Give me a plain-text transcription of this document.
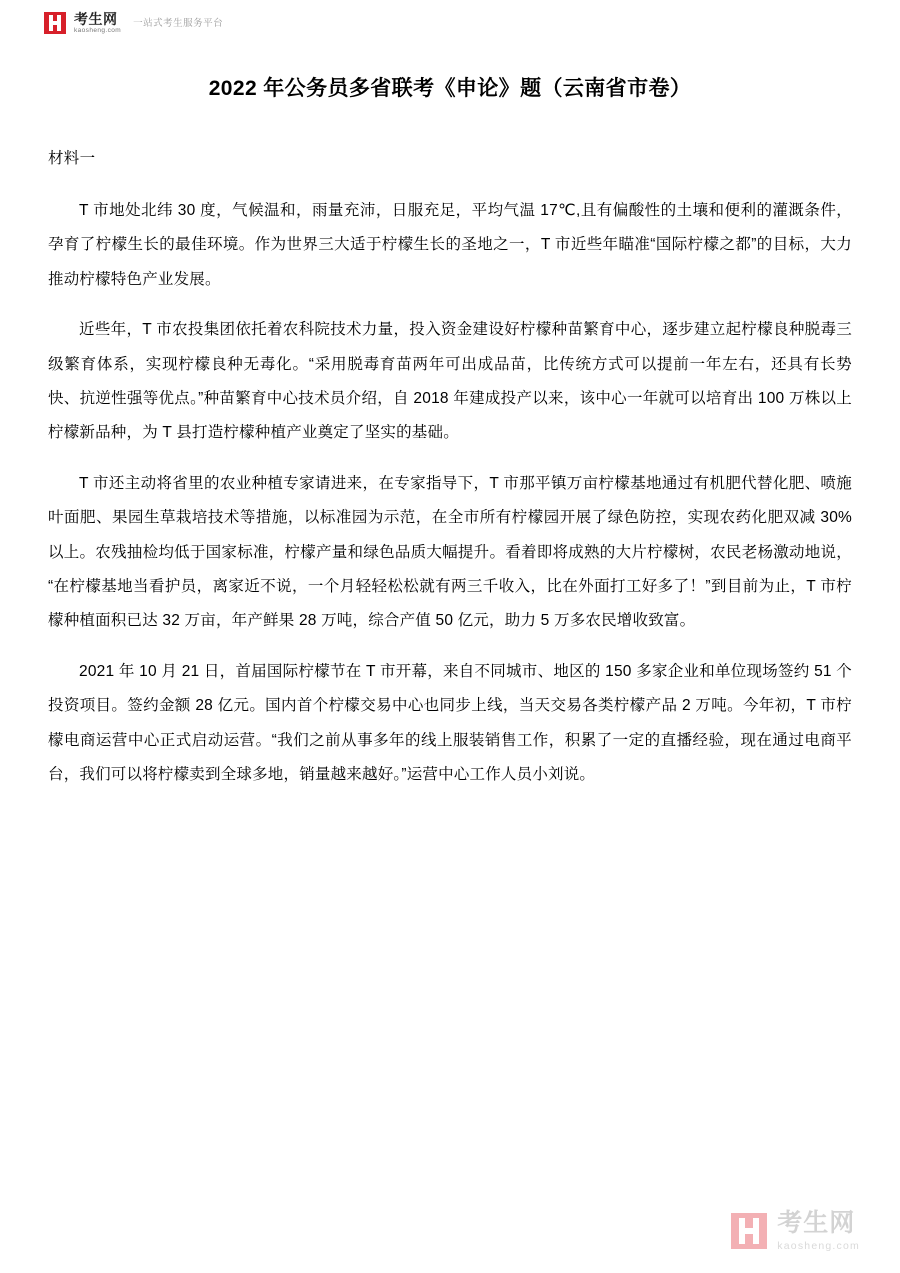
考生网
kaosheng.com
一站式考生服务平台
2022 年公务员多省联考《申论》题（云南省市卷）

材料一

T 市地处北纬 30 度，气候温和，雨量充沛，日服充足，平均气温 17℃,且有偏酸性的土壤和便利的灌溉条件，孕育了柠檬生长的最佳环境。作为世界三大适于柠檬生长的圣地之一，T 市近些年瞄准“国际柠檬之都”的目标，大力推动柠檬特色产业发展。

近些年，T 市农投集团依托着农科院技术力量，投入资金建设好柠檬种苗繁育中心，逐步建立起柠檬良种脱毒三级繁育体系，实现柠檬良种无毒化。“采用脱毒育苗两年可出成品苗，比传统方式可以提前一年左右，还具有长势快、抗逆性强等优点。”种苗繁育中心技术员介绍，自 2018 年建成投产以来，该中心一年就可以培育出 100 万株以上柠檬新品种，为 T 县打造柠檬种植产业奠定了坚实的基础。

T 市还主动将省里的农业种植专家请进来，在专家指导下，T 市那平镇万亩柠檬基地通过有机肥代替化肥、喷施叶面肥、果园生草栽培技术等措施，以标准园为示范，在全市所有柠檬园开展了绿色防控，实现农药化肥双减 30%以上。农残抽检均低于国家标准，柠檬产量和绿色品质大幅提升。看着即将成熟的大片柠檬树，农民老杨激动地说，“在柠檬基地当看护员，离家近不说，一个月轻轻松松就有两三千收入，比在外面打工好多了！”到目前为止，T 市柠檬种植面积已达 32 万亩，年产鲜果 28 万吨，综合产值 50 亿元，助力 5 万多农民增收致富。

2021 年 10 月 21 日，首届国际柠檬节在 T 市开幕，来自不同城市、地区的 150 多家企业和单位现场签约 51 个投资项目。签约金额 28 亿元。国内首个柠檬交易中心也同步上线，当天交易各类柠檬产品 2 万吨。今年初，T 市柠檬电商运营中心正式启动运营。“我们之前从事多年的线上服装销售工作，积累了一定的直播经验，现在通过电商平台，我们可以将柠檬卖到全球多地，销量越来越好。”运营中心工作人员小刘说。

考生网
kaosheng.com
